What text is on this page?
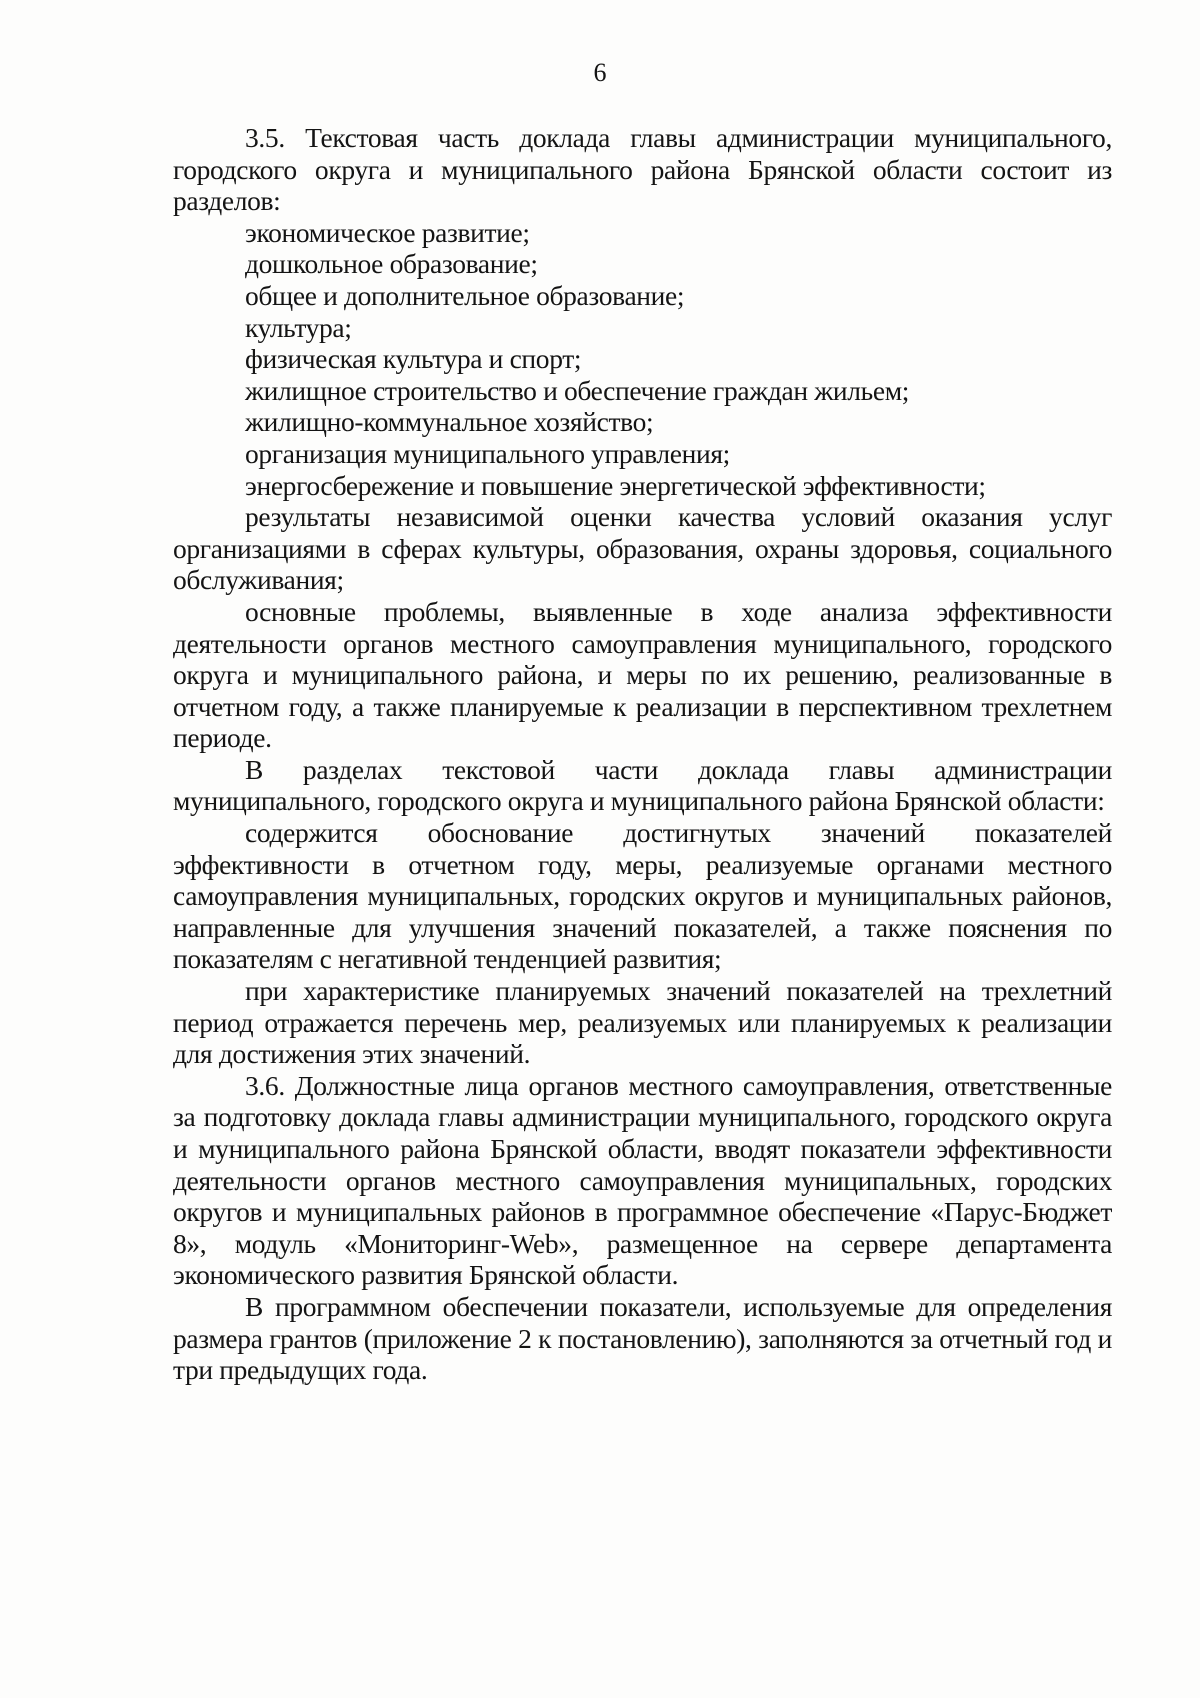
6

3.5. Текстовая часть доклада главы администрации муниципального, городского округа и муниципального района Брянской области состоит из разделов:

экономическое развитие;

дошкольное образование;

общее и дополнительное образование;

культура;

физическая культура и спорт;

жилищное строительство и обеспечение граждан жильем;

жилищно-коммунальное хозяйство;

организация муниципального управления;

энергосбережение и повышение энергетической эффективности;

результаты независимой оценки качества условий оказания услуг организациями в сферах культуры, образования, охраны здоровья, социального обслуживания;

основные проблемы, выявленные в ходе анализа эффективности деятельности органов местного самоуправления муниципального, городского округа и муниципального района, и меры по их решению, реализованные в отчетном году, а также планируемые к реализации в перспективном трехлетнем периоде.

В разделах текстовой части доклада главы администрации муниципального, городского округа и муниципального района Брянской области:

содержится обоснование достигнутых значений показателей эффективности в отчетном году, меры, реализуемые органами местного самоуправления муниципальных, городских округов и муниципальных районов, направленные для улучшения значений показателей, а также пояснения по показателям с негативной тенденцией развития;

при характеристике планируемых значений показателей на трехлетний период отражается перечень мер, реализуемых или планируемых к реализации для достижения этих значений.

3.6. Должностные лица органов местного самоуправления, ответственные за подготовку доклада главы администрации муниципального, городского округа и муниципального района Брянской области, вводят показатели эффективности деятельности органов местного самоуправления муниципальных, городских округов и муниципальных районов в программное обеспечение «Парус-Бюджет 8», модуль «Мониторинг-Web», размещенное на сервере департамента экономического развития Брянской области.

В программном обеспечении показатели, используемые для определения размера грантов (приложение 2 к постановлению), заполняются за отчетный год и три предыдущих года.
